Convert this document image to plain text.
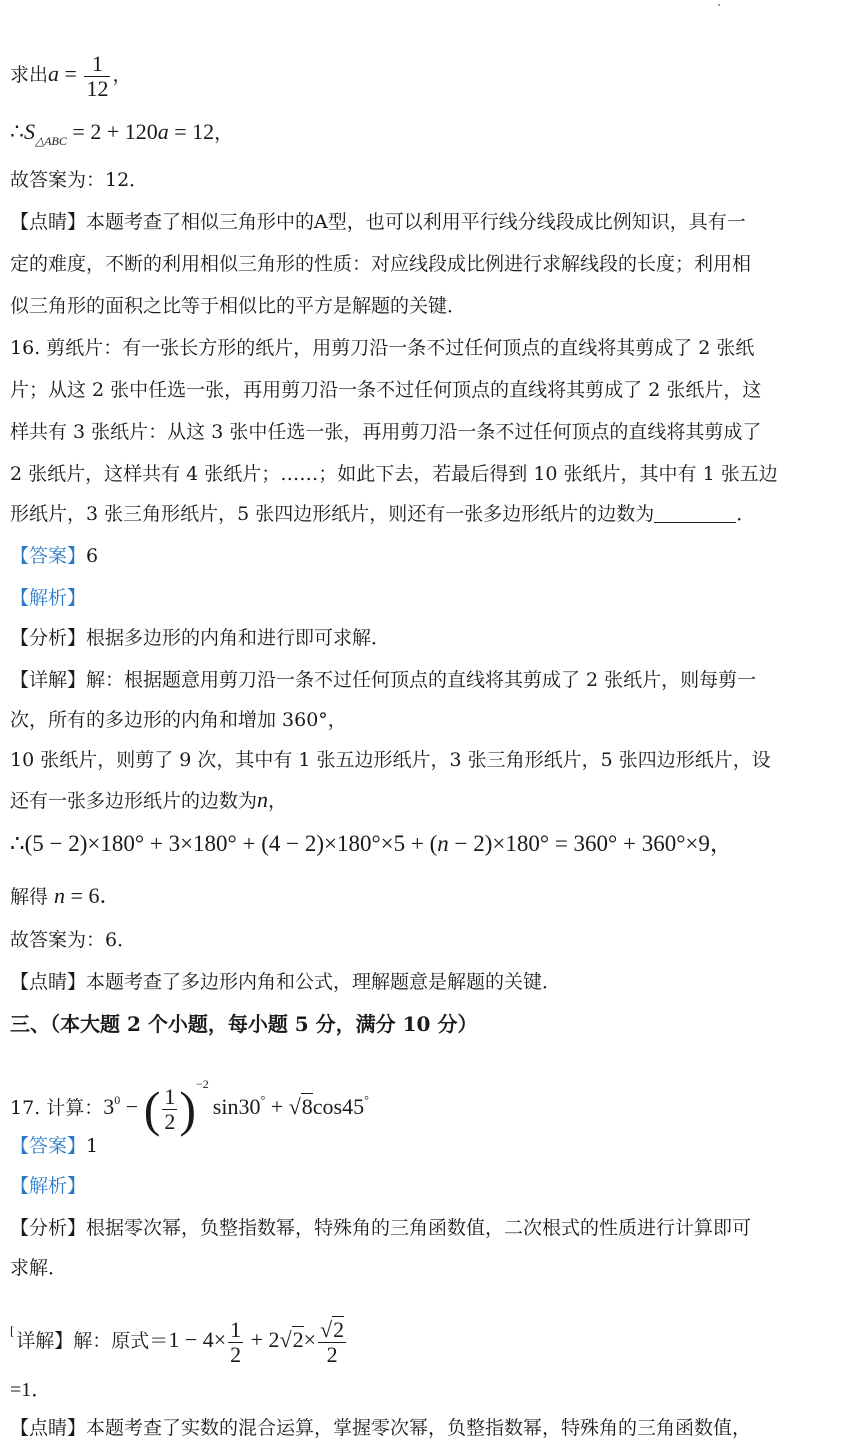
求出$a = \frac{1}{12}$ ，
$\therefore S_{\triangle ABC} = 2 + 120a = 12$，
故答案为：12．
【点睛】本题考查了相似三角形中的A型，也可以利用平行线分线段成比例知识，具有一
定的难度，不断的利用相似三角形的性质：对应线段成比例进行求解线段的长度；利用相
似三角形的面积之比等于相似比的平方是解题的关键．
16. 剪纸片：有一张长方形的纸片，用剪刀沿一条不过任何顶点的直线将其剪成了 2 张纸
片；从这 2 张中任选一张，再用剪刀沿一条不过任何顶点的直线将其剪成了 2 张纸片，这
样共有 3 张纸片：从这 3 张中任选一张，再用剪刀沿一条不过任何顶点的直线将其剪成了
2 张纸片，这样共有 4 张纸片；……；如此下去，若最后得到 10 张纸片，其中有 1 张五边
形纸片，3 张三角形纸片，5 张四边形纸片，则还有一张多边形纸片的边数为	．
【答案】6
【解析】
【分析】根据多边形的内角和进行即可求解．
【详解】解：根据题意用剪刀沿一条不过任何顶点的直线将其剪成了 2 张纸片，则每剪一
次，所有的多边形的内角和增加 360°，
10 张纸片，则剪了 9 次，其中有 1 张五边形纸片，3 张三角形纸片，5 张四边形纸片，设
还有一张多边形纸片的边数为n，
∴(5 − 2)×180° + 3×180° + (4 − 2)×180°×5 + (n − 2)×180° = 360° + 360°×9，
解得 n = 6．
故答案为：6．
【点睛】本题考查了多边形内角和公式，理解题意是解题的关键．
三、（本大题 2 个小题，每小题 5 分，满分 10 分）
17. 计算：$3^0$ − ( $\frac{1}{2} )^{-2}\sin 30^\circ + √8\cos 45^\circ$
【答案】1
【解析】
【分析】根据零次幂，负整指数幂，特殊角的三角函数值，二次根式的性质进行计算即可
求解．
[ 详解】解：原式$=1 - 4\times \frac{1}{2} + 2√2\times \frac{√2}{2}$
=1．
【点睛】本题考查了实数的混合运算，掌握零次幂，负整指数幂，特殊角的三角函数值，
